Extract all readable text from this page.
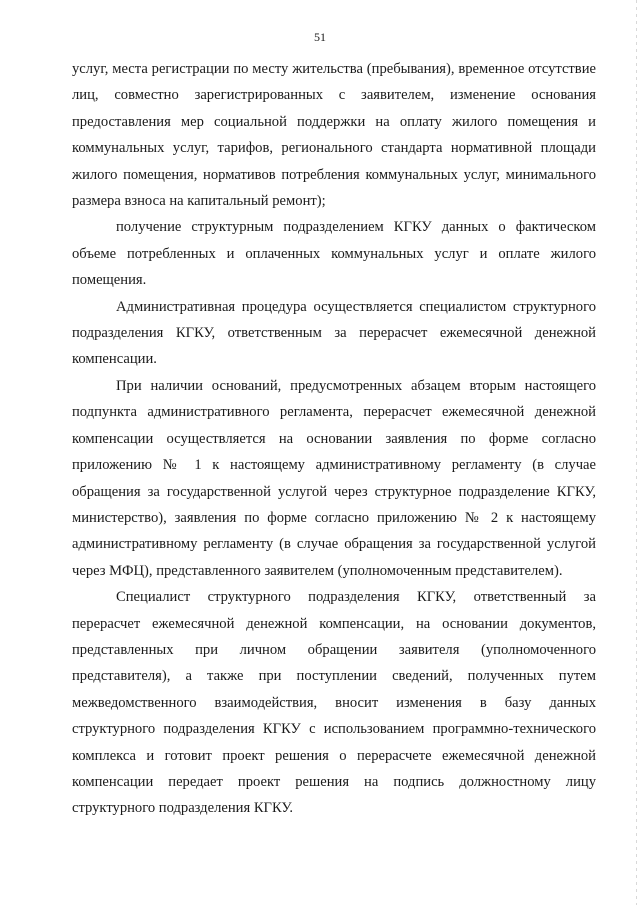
51

услуг, места регистрации по месту жительства (пребывания), временное отсутствие лиц, совместно зарегистрированных с заявителем, изменение основания предоставления мер социальной поддержки на оплату жилого помещения и коммунальных услуг, тарифов, регионального стандарта нормативной площади жилого помещения, нормативов потребления коммунальных услуг, минимального размера взноса на капитальный ремонт);

получение структурным подразделением КГКУ данных о фактическом объеме потребленных и оплаченных коммунальных услуг и оплате жилого помещения.

Административная процедура осуществляется специалистом структурного подразделения КГКУ, ответственным за перерасчет ежемесячной денежной компенсации.

При наличии оснований, предусмотренных абзацем вторым настоящего подпункта административного регламента, перерасчет ежемесячной денежной компенсации осуществляется на основании заявления по форме согласно приложению № 1 к настоящему административному регламенту (в случае обращения за государственной услугой через структурное подразделение КГКУ, министерство), заявления по форме согласно приложению № 2 к настоящему административному регламенту (в случае обращения за государственной услугой через МФЦ), представленного заявителем (уполномоченным представителем).

Специалист структурного подразделения КГКУ, ответственный за перерасчет ежемесячной денежной компенсации, на основании документов, представленных при личном обращении заявителя (уполномоченного представителя), а также при поступлении сведений, полученных путем межведомственного взаимодействия, вносит изменения в базу данных структурного подразделения КГКУ с использованием программно-технического комплекса и готовит проект решения о перерасчете ежемесячной денежной компенсации передает проект решения на подпись должностному лицу структурного подразделения КГКУ.
